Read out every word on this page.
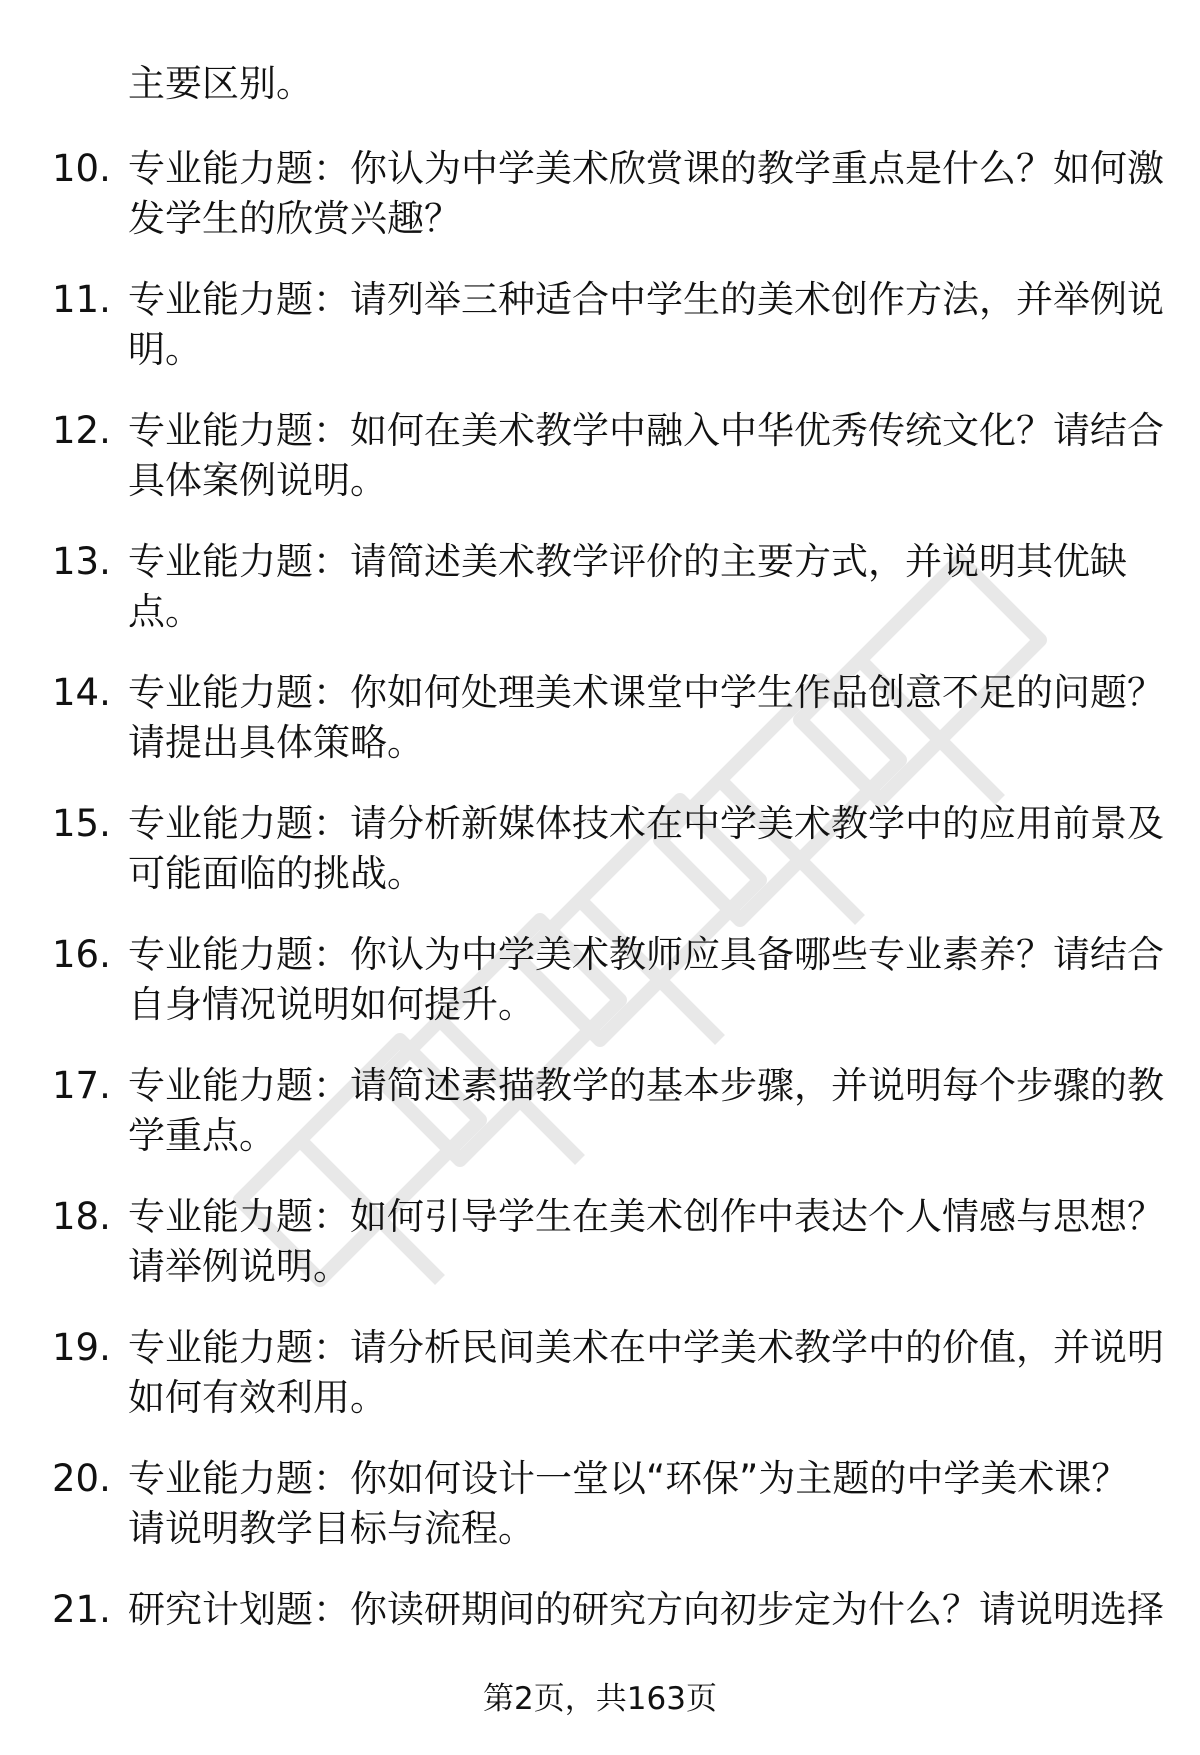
主要区别。
10. 专业能力题：你认为中学美术欣赏课的教学重点是什么？如何激
发学生的欣赏兴趣？
11. 专业能力题：请列举三种适合中学生的美术创作方法，并举例说
明。
12. 专业能力题：如何在美术教学中融入中华优秀传统文化？请结合
具体案例说明。
13. 专业能力题：请简述美术教学评价的主要方式，并说明其优缺
点。
14. 专业能力题：你如何处理美术课堂中学生作品创意不足的问题？
请提出具体策略。
15. 专业能力题：请分析新媒体技术在中学美术教学中的应用前景及
可能面临的挑战。
16. 专业能力题：你认为中学美术教师应具备哪些专业素养？请结合
自身情况说明如何提升。
17. 专业能力题：请简述素描教学的基本步骤，并说明每个步骤的教
学重点。
18. 专业能力题：如何引导学生在美术创作中表达个人情感与思想？
请举例说明。
19. 专业能力题：请分析民间美术在中学美术教学中的价值，并说明
如何有效利用。
20. 专业能力题：你如何设计一堂以“环保”为主题的中学美术课？
请说明教学目标与流程。
21. 研究计划题：你读研期间的研究方向初步定为什么？请说明选择
第2页，共163页
